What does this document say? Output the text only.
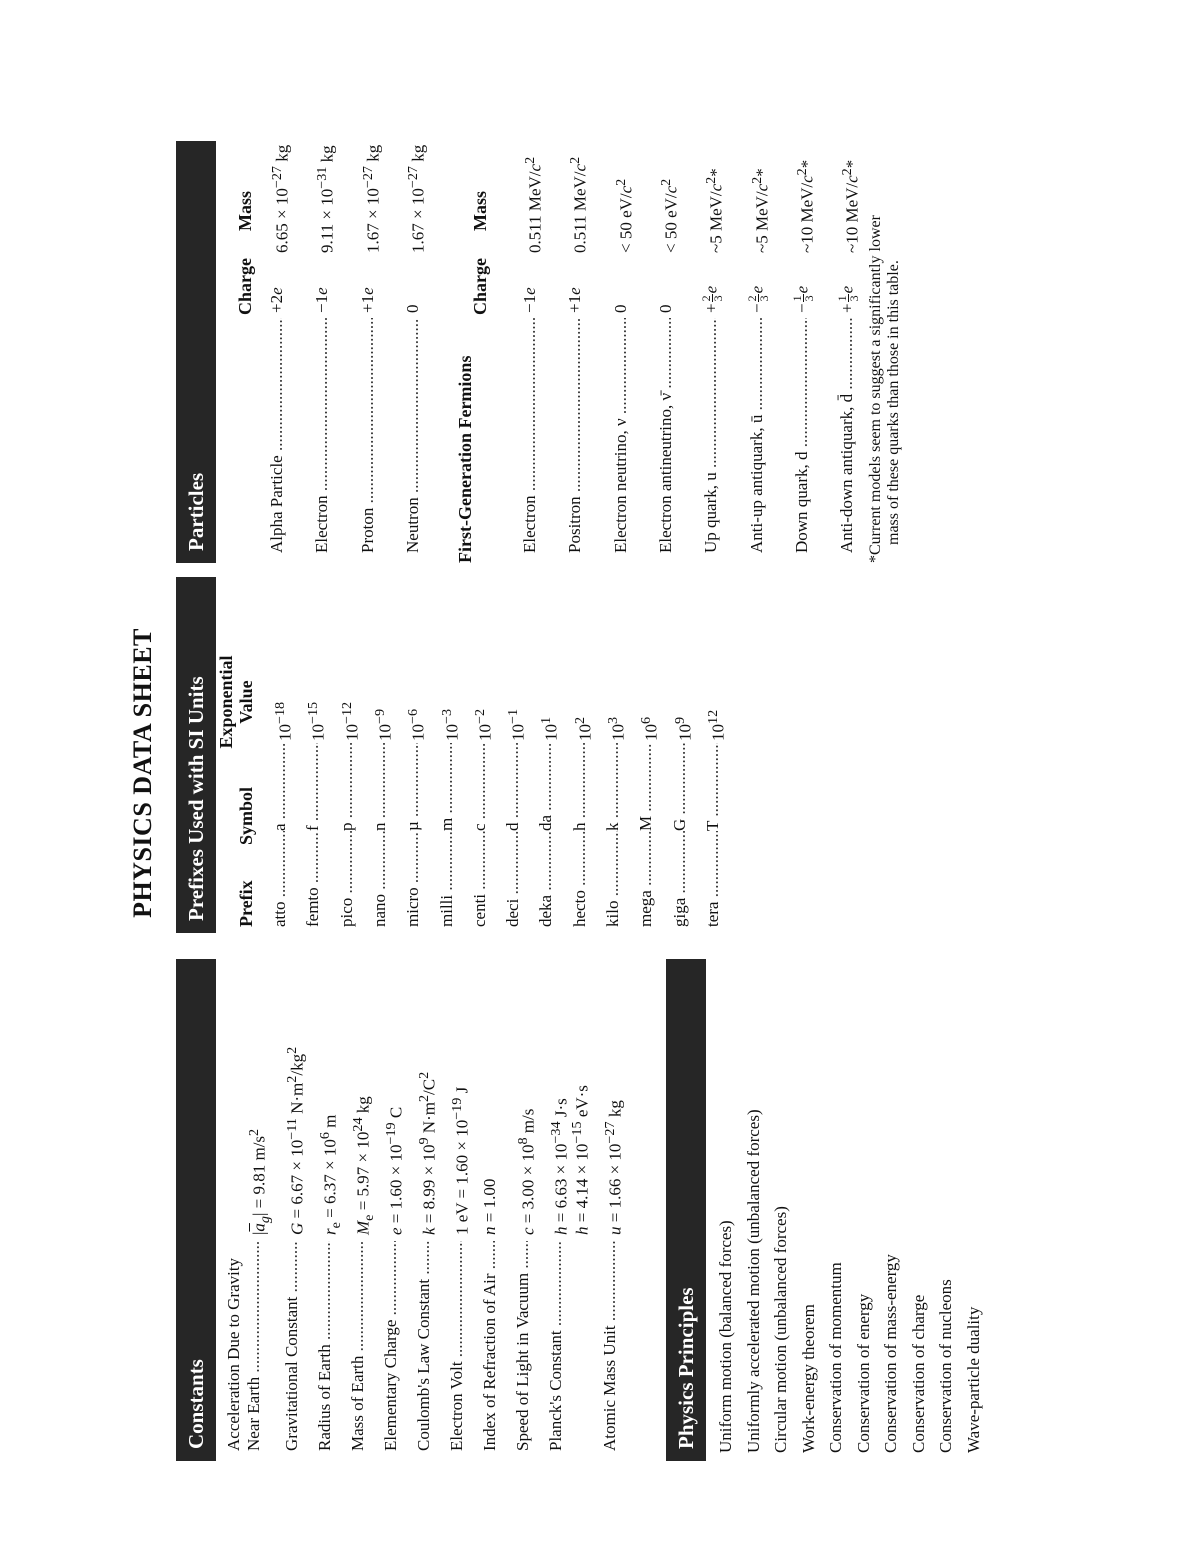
PHYSICS DATA SHEET
Constants Acceleration Due to Gravity Near Earth .....
$|\overline{a}_g| = 9.81$ $m/s^2$
Gravitational Constant .....
$G = 6.67 \times 10^{-11}$ $N\cdot m^2/kg^2$
Radius of Earth .....
$r_e = 6.37 \times 10^6$ m
Mass of Earth .....
$M_e = 5.97 \times 10^{24}$ kg
Elementary Charge .....
$e = 1.60 \times 10^{-19}$ C
Coulomb's Law Constant .....
$k = 8.99 \times 10^9$ $N\cdot m^2/C^2$
Electron Volt .....
1 eV = $1.60 \times 10^{-19}$ J
Index of Refraction of Air .....
n = 1.00
Speed of Light in Vacuum .....
$c = 3.00 \times 10^8$ m/s
Planck's Constant .....
$h = 6.63 \times 10^{-34}$ J·s
$h = 4.14 \times 10^{-15}$ eV·s
Atomic Mass Unit .....
$u = 1.66 \times 10^{-27}$ kg
Physics Principles	Uniform motion (balanced forces) Uniformly accelerated motion (unbalanced forces) Circular motion (unbalanced forces) Work-energy theorem Conservation of momentum Conservation of energy Conservation of mass-energy Conservation of charge Conservation of nucleons Wave-particle duality
Prefixes Used with SI Units	Prefix
Symbol
Exponential Value
atto .....
a .....
$10^{-18}$
femto .....
f .....
$10^{-15}$
pico .....
p .....
$10^{-12}$
nano .....
n .....
$10^{-9}$
micro .....
µ .....
$10^{-6}$
milli .....
m .....
$10^{-3}$
centi .....
c .....
$10^{-2}$
deci .....
d .....
$10^{-1}$
deka .....
da .....
$10^1$
hecto .....
h .....
$10^2$
kilo .....
k .....
$10^3$
mega .....
M .....
$10^6$
giga .....
G .....
$10^9$
tera .....
T .....
$10^{12}$
Particles
Charge
Mass
Alpha Particle .....
+2e
$6.65 \times 10^{-27}$ kg
Electron .....
−1e
$9.11 \times 10^{-31}$ kg
Proton .....
+1e
$1.67 \times 10^{-27}$ kg
Neutron .....
0
$1.67 \times 10^{-27}$ kg
First-Generation Fermions
Charge
Mass
Electron .....
−1e
0.511 MeV/$c^2$
Positron .....
+1e
0.511 MeV/$c^2$
Electron neutrino, ν .....
0
< 50 $eV/c^2$
Electron antineutrino, ν̄ .....
0
< 50 $eV/c^2$
Up quark, u .....
+
2
3
e
~5 MeV/$c^2*$
Anti-up antiquark, ū .....
−
2
3
e
~5 MeV/$c^2*$
Down quark, d .....
−
1
3
e
~10 MeV/$c^2*$
Anti-down antiquark, d̄ .....
+
1
3
e
~10 MeV/$c^2*$
*Current models seem to suggest a significantly lower mass of these quarks than those in this table.
